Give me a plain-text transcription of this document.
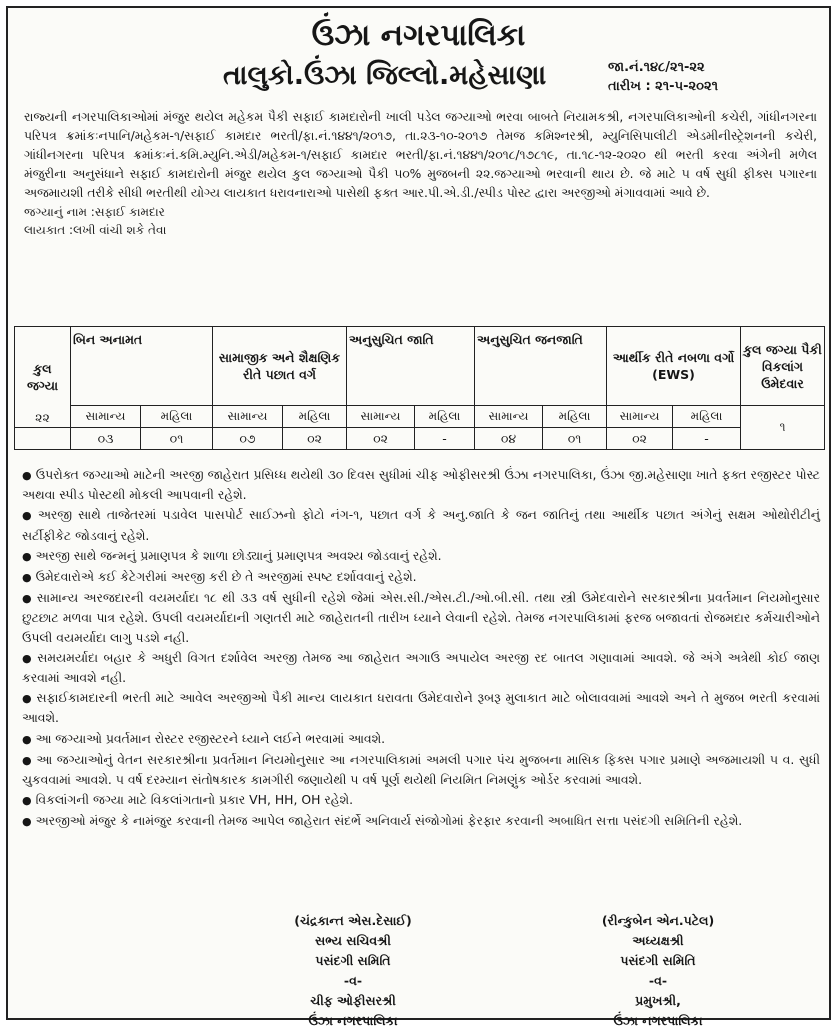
ઉંઝા નગરપાલિકા
તાલુકો.ઉંઝા જિલ્લો.મહેસાણા	જા.નં.૧૪૮/૨૧-૨૨
તારીખ : ૨૧-૫-૨૦૨૧
રાજ્યની નગરપાલિકાઓમાં મંજુર થયેલ મહેકમ પૈકી સફાઈ કામદારોની ખાલી પડેલ જગ્યાઓ ભરવા બાબતે નિયામકશ્રી, નગરપાલિકાઓની કચેરી, ગાંધીનગરના પરિપત્ર ક્રમાંકઃનપાનિ/મહેકમ-૧/સફાઈ કામદાર ભરતી/ફા.નં.૧૪૪૧/૨૦૧૭, તા.૨૩-૧૦-૨૦૧૭ તેમજ કમિશ્નરશ્રી, મ્યુનિસિપાલીટી એડમીનીસ્ટ્રેશનની કચેરી, ગાંધીનગરના પરિપત્ર ક્રમાંકઃનં.કમિ.મ્યુનિ.એડી/મહેકમ-૧/સફાઈ કામદાર ભરતી/ફા.નં.૧૪૪૧/૨૦૧૮/૧૭૮૧૯, તા.૧૮-૧૨-૨૦૨૦ થી ભરતી કરવા અંગેની મળેલ મંજુરીના અનુસંધાને સફાઈ કામદારોની મંજુર થયેલ કુલ જગ્યાઓ પૈકી ૫૦% મુજબની ૨૨.જગ્યાઓ ભરવાની થાય છે. જે માટે ૫ વર્ષ સુધી ફીક્સ પગારના અજમાયશી તરીકે સીધી ભરતીથી યોગ્ય લાયકાત ધરાવનારાઓ પાસેથી ફક્ત આર.પી.એ.ડી./સ્પીડ પોસ્ટ દ્વારા અરજીઓ મંગાવવામાં આવે છે.
જગ્યાનું નામ :સફાઈ કામદાર
લાયકાત :લખી વાંચી શકે તેવા
કુલ જગ્યા	બિન અનામત		સામાજીક અને શૈક્ષણિક રીતે પછાત વર્ગ		અનુસુચિત જાતિ		અનુસુચિત જનજાતિ		આર્થીક રીતે નબળા વર્ગો
(EWS)		કુલ જગ્યા પૈકી વિકલાંગ ઉમેદવાર
	સામાન્ય	મહિલા	સામાન્ય	મહિલા	સામાન્ય	મહિલા	સામાન્ય	મહિલા	સામાન્ય	મહિલા	૧
૨૨	૦૩	૦૧	૦૭	૦૨	૦૨	-	૦૪	૦૧	૦૨	-	
● ઉપરોક્ત જગ્યાઓ માટેની અરજી જાહેરાત પ્રસિધ્ધ થયેથી ૩૦ દિવસ સુધીમાં ચીફ ઓફીસરશ્રી ઉંઝા નગરપાલિકા, ઉંઝા જી.મહેસાણા ખાતે ફક્ત રજીસ્ટર પોસ્ટ અથવા સ્પીડ પોસ્ટથી મોકલી આપવાની રહેશે.
● અરજી સાથે તાજેતરમાં પડાવેલ પાસપોર્ટ સાઈઝનો ફોટો નંગ-૧, પછાત વર્ગ કે અનુ.જાતિ કે જન જાતિનું તથા આર્થીક પછાત અંગેનું સક્ષમ ઓથોરીટીનું સર્ટીફીકેટ જોડવાનું રહેશે.
● અરજી સાથે જન્મનું પ્રમાણપત્ર કે શાળા છોડ્યાનું પ્રમાણપત્ર અવશ્ય જોડવાનું રહેશે.
● ઉમેદવારોએ કઈ કેટેગરીમાં અરજી કરી છે તે અરજીમાં સ્પષ્ટ દર્શાવવાનું રહેશે.
● સામાન્ય અરજદારની વયમર્યાદા ૧૮ થી ૩૩ વર્ષ સુધીની રહેશે જેમાં એસ.સી./એસ.ટી./ઓ.બી.સી. તથા સ્ત્રી ઉમેદવારોને સરકારશ્રીના પ્રવર્તમાન નિયમોનુસાર છુટછાટ મળવા પાત્ર રહેશે. ઉપલી વયમર્યાદાની ગણતરી માટે જાહેરાતની તારીખ ધ્યાને લેવાની રહેશે. તેમજ નગરપાલિકામાં ફરજ બજાવતાં રોજમદાર કર્મચારીઓને ઉપલી વયમર્યાદા લાગુ પડશે નહી.
● સમયમર્યાદા બહાર કે અધુરી વિગત દર્શાવેલ અરજી તેમજ આ જાહેરાત અગાઉ અપાયેલ અરજી રદ બાતલ ગણાવામાં આવશે. જે અંગે અત્રેથી કોઈ જાણ કરવામાં આવશે નહી.
● સફાઈકામદારની ભરતી માટે આવેલ અરજીઓ પૈકી માન્ય લાયકાત ધરાવતા ઉમેદવારોને રૂબરૂ મુલાકાત માટે બોલાવવામાં આવશે અને તે મુજબ ભરતી કરવામાં આવશે.
● આ જગ્યાઓ પ્રવર્તમાન રોસ્ટર રજીસ્ટરને ધ્યાને લઈને ભરવામાં આવશે.
● આ જગ્યાઓનું વેતન સરકારશ્રીના પ્રવર્તમાન નિયમોનુસાર આ નગરપાલિકામાં અમલી પગાર પંચ મુજબના માસિક ફિક્સ પગાર પ્રમાણે અજમાયશી ૫ વ. સુધી ચુકવવામાં આવશે. ૫ વર્ષ દરમ્યાન સંતોષકારક કામગીરી જણાયેથી ૫ વર્ષ પૂર્ણ થયેથી નિયમિત નિમણુંક ઓર્ડર કરવામાં આવશે.
● વિકલાંગની જગ્યા માટે વિકલાંગતાનો પ્રકાર VH, HH, OH રહેશે.
● અરજીઓ મંજુર કે નામંજુર કરવાની તેમજ આપેલ જાહેરાત સંદર્ભે અનિવાર્ય સંજોગોમાં ફેરફાર કરવાની અબાધિત સત્તા પસંદગી સમિતિની રહેશે.
(ચંદ્રકાન્ત એસ.દેસાઈ)
સભ્ય સચિવશ્રી
પસંદગી સમિતિ
-વ-
ચીફ ઓફીસરશ્રી
ઉંઝા નગરપાલિકા
(રીન્કુબેન એન.પટેલ)
અધ્યક્ષશ્રી
પસંદગી સમિતિ
-વ-
પ્રમુખશ્રી,
ઉંઝા નગરપાલિકા
